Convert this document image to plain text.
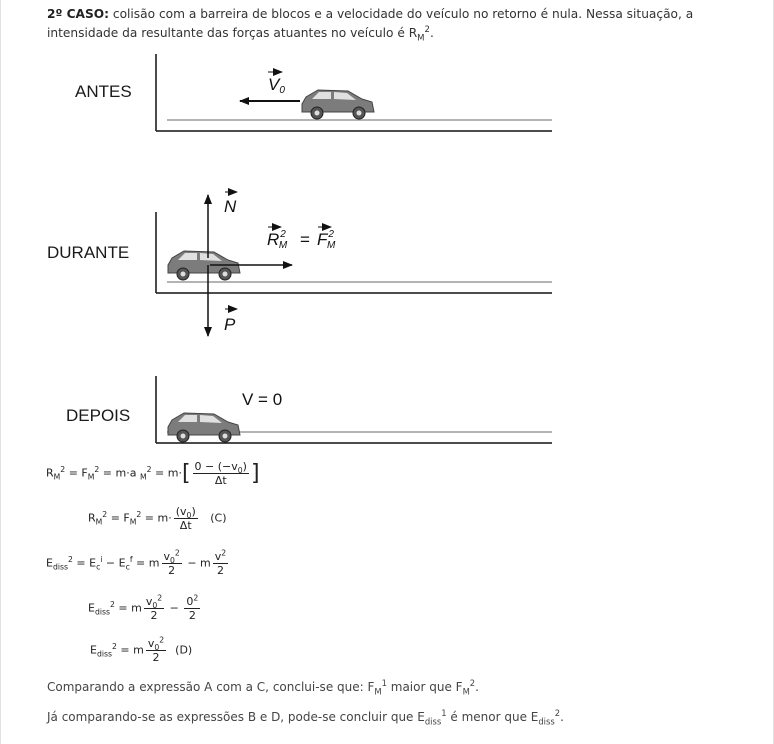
2º CASO: colisão com a barreira de blocos e a velocidade do veículo no retorno é nula. Nessa situação, a
intensidade da resultante das forças atuantes no veículo é $R_M^2$.
ANTES
DURANTE
DEPOIS
V0
N
P
$R^2$ $M = F^2$ M
V = 0
$R_M^2 = F_M^2 = m\cdot a$ $_M^2 = m\cdot[ \frac{0 - (-v_0)}{\Delta t}$ ]
$R_M^2 = F_M^2 = m\cdot \frac{(v_0)}{\Delta t} (C)$
$E_{diss}^2 = E_c^i - E_c^f = m \frac{v_0^2}{2} - m \frac{v^2}{2}$
$E_{diss}^2 = m \frac{v_0^2}{2} - \frac{0^2}{2}$
$E_{diss}^2 = m \frac{v_0^2}{2} (D)$
Comparando a expressão A com a C, conclui-se que: $F_M^1$ maior que $F_M^2$.
Já comparando-se as expressões B e D, pode-se concluir que $E_{diss}^1$ é menor que $E_{diss}^2$.
